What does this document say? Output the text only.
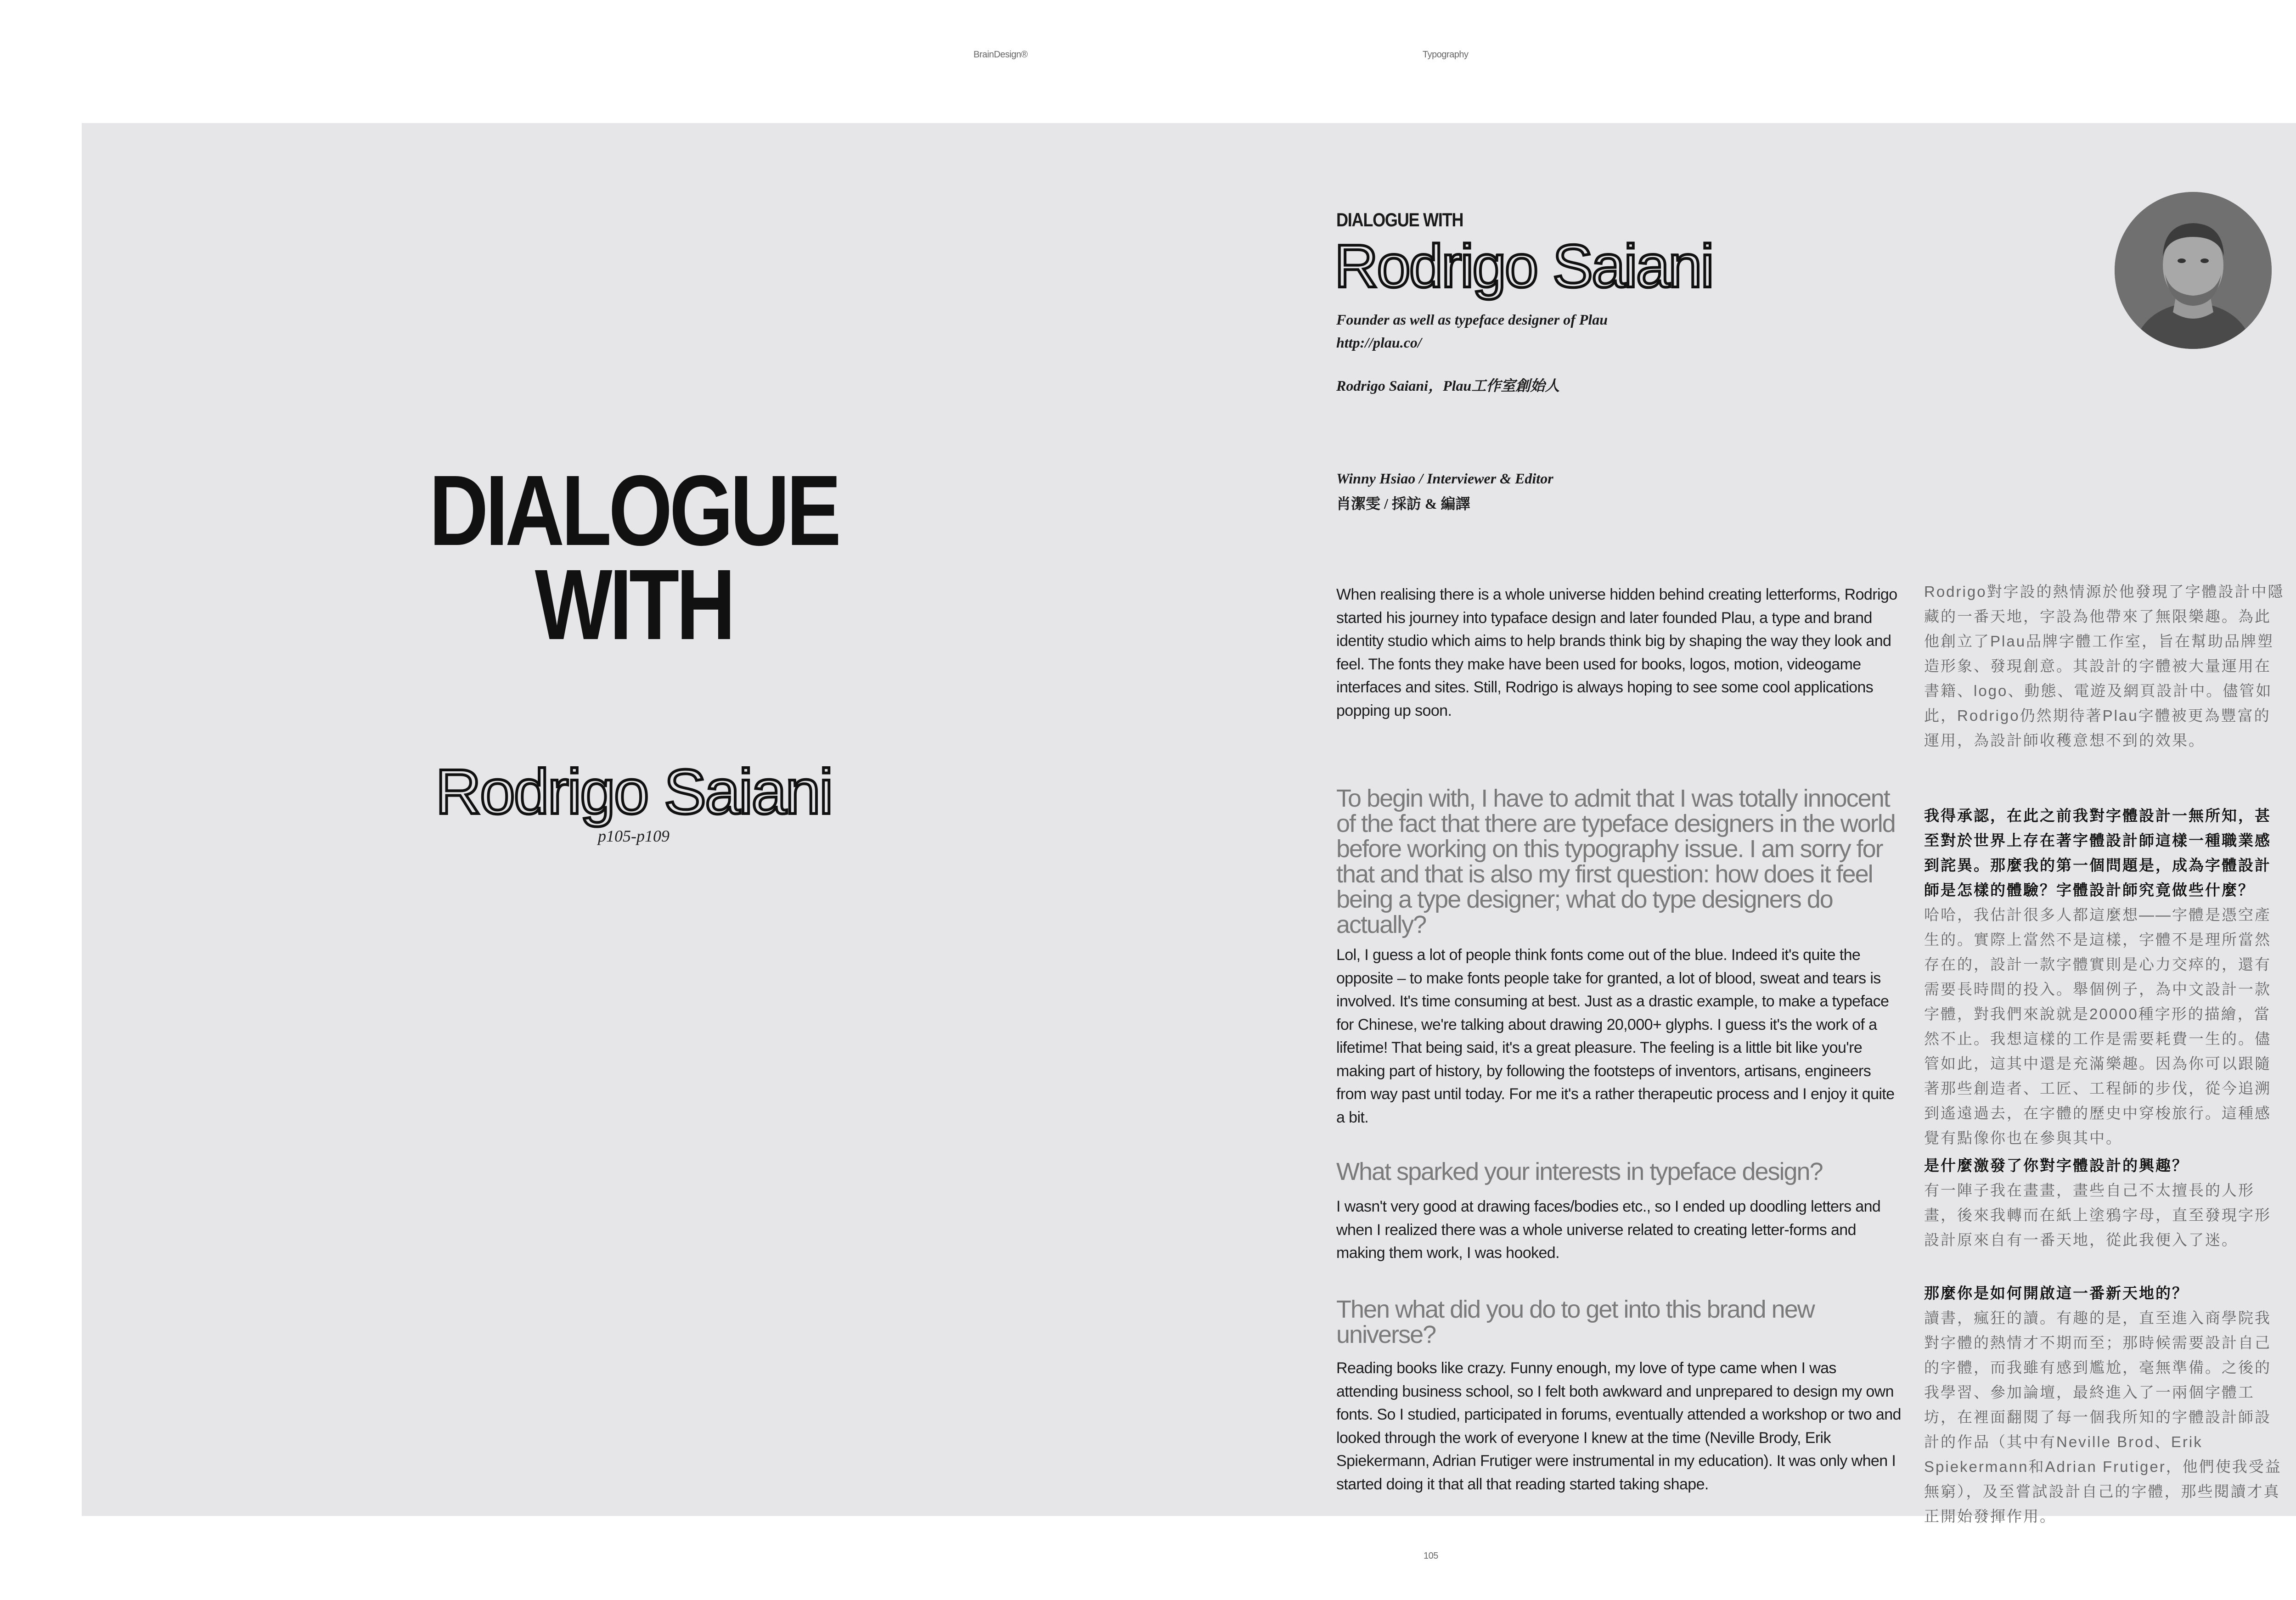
BrainDesign®	Typography
DIALOGUE
WITH
Rodrigo Saiani
p105-p109
DIALOGUE WITH
Rodrigo Saiani
Founder as well as typeface designer of Plau
http://plau.co/
Rodrigo Saiani，Plau工作室創始人
Winny Hsiao / Interviewer & Editor
肖潔雯 / 採訪 & 編譯

When realising there is a whole universe hidden behind creating letterforms, Rodrigo started his journey into typaface design and later founded Plau, a type and brand identity studio which aims to help brands think big by shaping the way they look and feel. The fonts they make have been used for books, logos, motion, videogame interfaces and sites. Still, Rodrigo is always hoping to see some cool applications popping up soon.

Rodrigo對字設的熱情源於他發現了字體設計中隱藏的一番天地，字設為他帶來了無限樂趣。為此他創立了Plau品牌字體工作室，旨在幫助品牌塑造形象、發現創意。其設計的字體被大量運用在書籍、logo、動態、電遊及網頁設計中。儘管如此，Rodrigo仍然期待著Plau字體被更為豐富的運用，為設計師收穫意想不到的效果。

To begin with, I have to admit that I was totally innocent of the fact that there are typeface designers in the world before working on this typography issue. I am sorry for that and that is also my first question: how does it feel being a type designer; what do type designers do actually?

Lol, I guess a lot of people think fonts come out of the blue. Indeed it's quite the opposite – to make fonts people take for granted, a lot of blood, sweat and tears is involved. It's time consuming at best. Just as a drastic example, to make a typeface for Chinese, we're talking about drawing 20,000+ glyphs. I guess it's the work of a lifetime! That being said, it's a great pleasure. The feeling is a little bit like you're making part of history, by following the footsteps of inventors, artisans, engineers from way past until today. For me it's a rather therapeutic process and I enjoy it quite a bit.

我得承認，在此之前我對字體設計一無所知，甚至對於世界上存在著字體設計師這樣一種職業感到詫異。那麼我的第一個問題是，成為字體設計師是怎樣的體驗？字體設計師究竟做些什麼？

哈哈，我估計很多人都這麼想——字體是憑空產生的。實際上當然不是這樣，字體不是理所當然存在的，設計一款字體實則是心力交瘁的，還有需要長時間的投入。舉個例子，為中文設計一款字體，對我們來說就是20000種字形的描繪，當然不止。我想這樣的工作是需要耗費一生的。儘管如此，這其中還是充滿樂趣。因為你可以跟隨著那些創造者、工匠、工程師的步伐，從今追溯到遙遠過去，在字體的歷史中穿梭旅行。這種感覺有點像你也在參與其中。

What sparked your interests in typeface design?

I wasn't very good at drawing faces/bodies etc., so I ended up doodling letters and when I realized there was a whole universe related to creating letter-forms and making them work, I was hooked.

是什麼激發了你對字體設計的興趣？

有一陣子我在畫畫，畫些自己不太擅長的人形畫，後來我轉而在紙上塗鴉字母，直至發現字形設計原來自有一番天地，從此我便入了迷。

Then what did you do to get into this brand new universe?

Reading books like crazy. Funny enough, my love of type came when I was attending business school, so I felt both awkward and unprepared to design my own fonts. So I studied, participated in forums, eventually attended a workshop or two and looked through the work of everyone I knew at the time (Neville Brody, Erik Spiekermann, Adrian Frutiger were instrumental in my education). It was only when I started doing it that all that reading started taking shape.

那麼你是如何開啟這一番新天地的？

讀書，瘋狂的讀。有趣的是，直至進入商學院我對字體的熱情才不期而至；那時候需要設計自己的字體，而我雖有感到尷尬，毫無準備。之後的我學習、參加論壇，最終進入了一兩個字體工坊，在裡面翻閱了每一個我所知的字體設計師設計的作品（其中有Neville Brod、Erik Spiekermann和Adrian Frutiger，他們使我受益無窮），及至嘗試設計自己的字體，那些閱讀才真正開始發揮作用。

105
